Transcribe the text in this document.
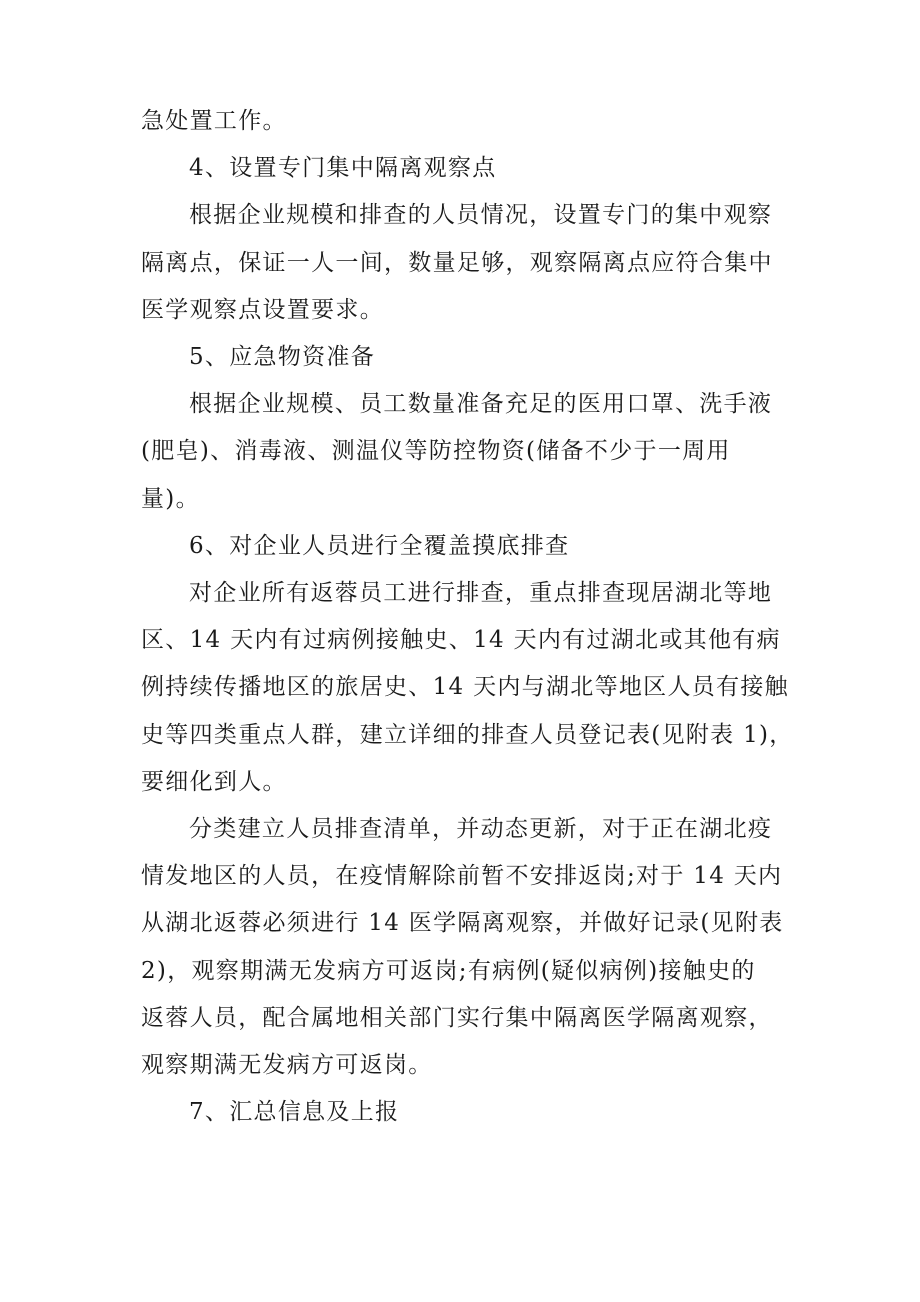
急处置工作。

4、设置专门集中隔离观察点

根据企业规模和排查的人员情况，设置专门的集中观察
隔离点，保证一人一间，数量足够，观察隔离点应符合集中
医学观察点设置要求。

5、应急物资准备

根据企业规模、员工数量准备充足的医用口罩、洗手液
(肥皂)、消毒液、测温仪等防控物资(储备不少于一周用
量)。

6、对企业人员进行全覆盖摸底排查

对企业所有返蓉员工进行排查，重点排查现居湖北等地
区、14 天内有过病例接触史、14 天内有过湖北或其他有病
例持续传播地区的旅居史、14 天内与湖北等地区人员有接触
史等四类重点人群，建立详细的排查人员登记表(见附表 1)，
要细化到人。

分类建立人员排查清单，并动态更新，对于正在湖北疫
情发地区的人员，在疫情解除前暂不安排返岗;对于 14 天内
从湖北返蓉必须进行 14 医学隔离观察，并做好记录(见附表
2)，观察期满无发病方可返岗;有病例(疑似病例)接触史的
返蓉人员，配合属地相关部门实行集中隔离医学隔离观察，
观察期满无发病方可返岗。

7、汇总信息及上报
